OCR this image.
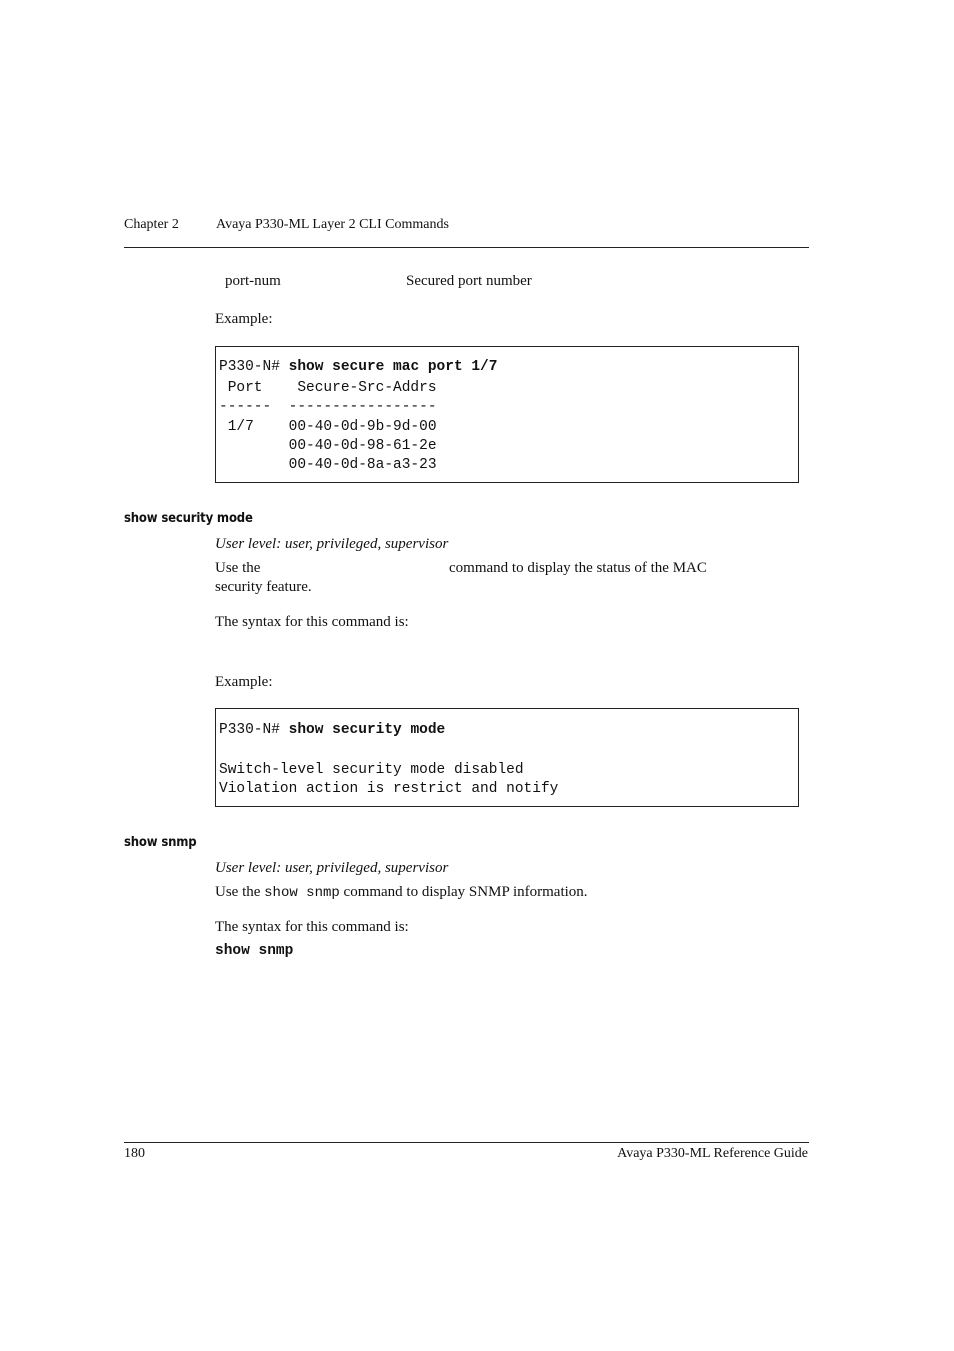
Chapter 2	Avaya P330-ML Layer 2 CLI Commands
port-num	Secured port number
Example:
P330-N# show secure mac port 1/7
Port    Secure-Src-Addrs
------  -----------------
1/7    00-40-0d-9b-9d-00
00-40-0d-98-61-2e
00-40-0d-8a-a3-23
show security mode
User level: user, privileged, supervisor
Use the	command to display the status of the MAC
security feature.
The syntax for this command is:
Example:
P330-N# show security mode
Switch-level security mode disabled
Violation action is restrict and notify
show snmp
User level: user, privileged, supervisor
Use the show snmp command to display SNMP information.
The syntax for this command is:
show snmp
180	Avaya P330-ML Reference Guide
